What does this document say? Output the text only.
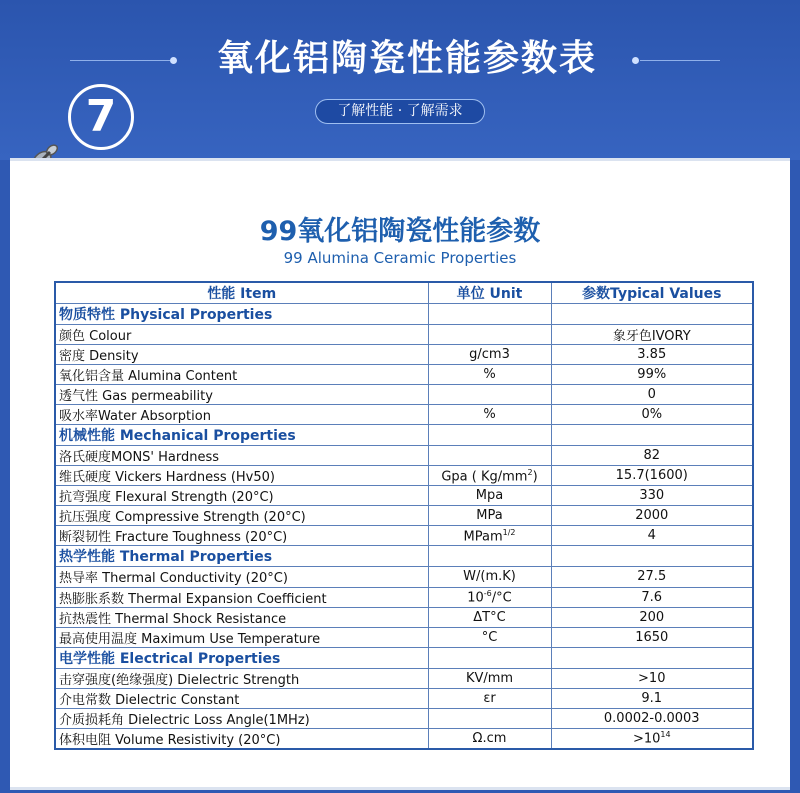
氧化铝陶瓷性能参数表
7	了解性能 · 了解需求
99氧化铝陶瓷性能参数
99 Alumina Ceramic Properties
性能 Item	单位 Unit	参数Typical Values
物质特性 Physical Properties		
颜色 Colour		象牙色IVORY
密度 Density	g/cm3	3.85
氧化铝含量 Alumina Content	%	99%
透气性 Gas permeability		0
吸水率Water Absorption	%	0%
机械性能 Mechanical Properties		
洛氏硬度MONS' Hardness		82
维氏硬度 Vickers Hardness (Hv50)	Gpa ( $Kg/mm^2$)	15.7(1600)
抗弯强度 Flexural Strength (20°C)	Mpa	330
抗压强度 Compressive Strength (20°C)	MPa	2000
断裂韧性 Fracture Toughness (20°C)	MPam$^{1/2}$	4
热学性能 Thermal Properties		
热导率 Thermal Conductivity (20°C)	W/(m.K)	27.5
热膨胀系数 Thermal Expansion Coefficient	$10^{-6}/^\circ C$	7.6
抗热震性 Thermal Shock Resistance	ΔT°C	200
最高使用温度 Maximum Use Temperature	°C	1650
电学性能 Electrical Properties		
击穿强度(绝缘强度) Dielectric Strength	KV/mm	>10
介电常数 Dielectric Constant	εr	9.1
介质损耗角 Dielectric Loss Angle(1MHz)		0.0002-0.0003
体积电阻 Volume Resistivity (20°C)	Ω.cm	$>10^{14}$
